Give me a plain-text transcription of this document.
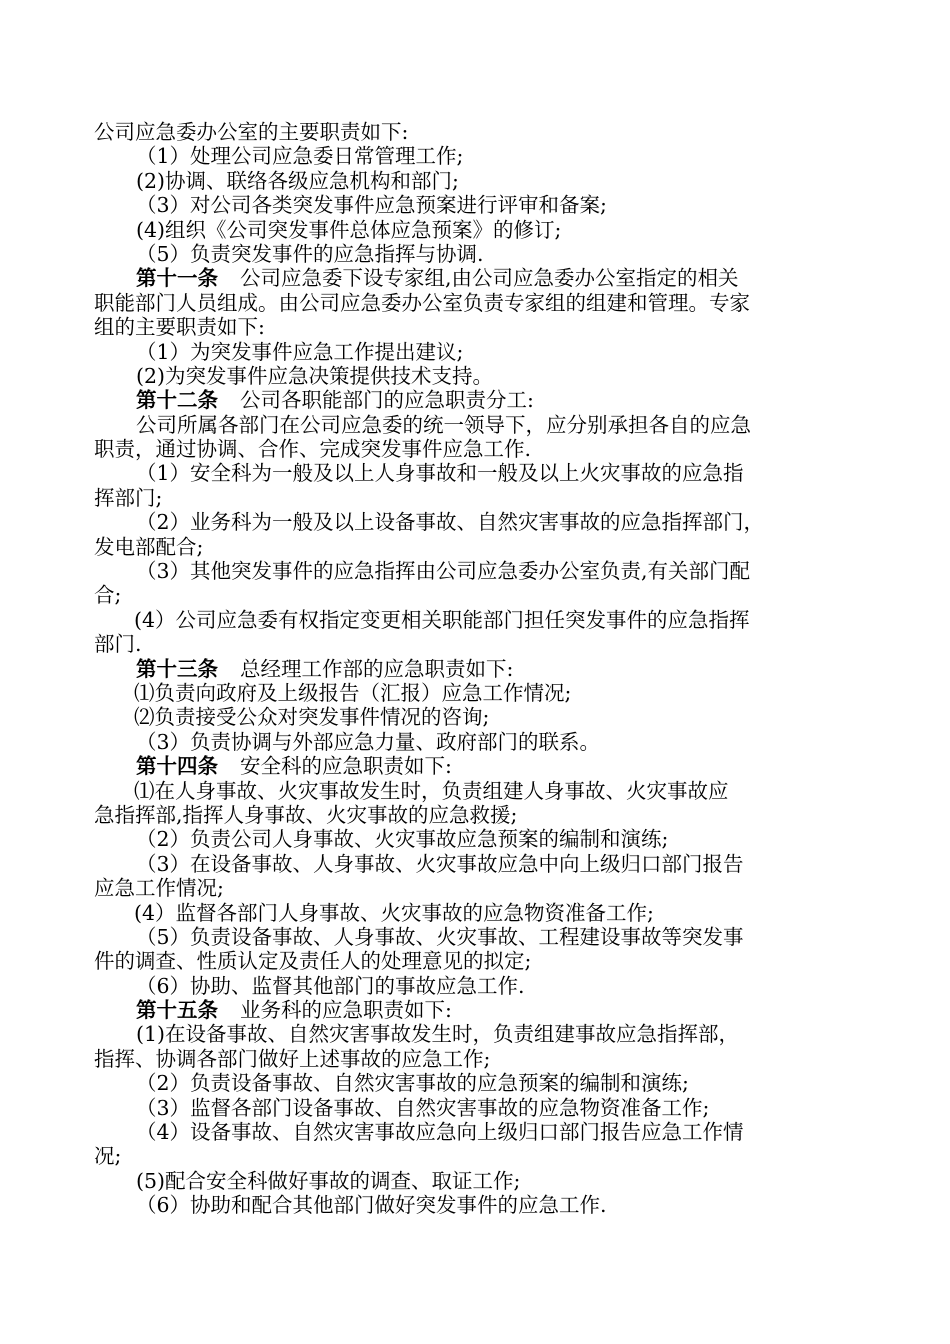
公司应急委办公室的主要职责如下:
（1）处理公司应急委日常管理工作;
(2)协调、联络各级应急机构和部门;
（3）对公司各类突发事件应急预案进行评审和备案;
(4)组织《公司突发事件总体应急预案》的修订;
（5）负责突发事件的应急指挥与协调.
第十一条 公司应急委下设专家组,由公司应急委办公室指定的相关
职能部门人员组成。由公司应急委办公室负责专家组的组建和管理。专家
组的主要职责如下:
（1）为突发事件应急工作提出建议;
(2)为突发事件应急决策提供技术支持。
第十二条 公司各职能部门的应急职责分工:
公司所属各部门在公司应急委的统一领导下，应分别承担各自的应急
职责，通过协调、合作、完成突发事件应急工作.
（1）安全科为一般及以上人身事故和一般及以上火灾事故的应急指
挥部门;
（2）业务科为一般及以上设备事故、自然灾害事故的应急指挥部门，
发电部配合;
（3）其他突发事件的应急指挥由公司应急委办公室负责,有关部门配
合;
(4）公司应急委有权指定变更相关职能部门担任突发事件的应急指挥
部门.
第十三条 总经理工作部的应急职责如下:
⑴负责向政府及上级报告（汇报）应急工作情况;
⑵负责接受公众对突发事件情况的咨询;
（3）负责协调与外部应急力量、政府部门的联系。
第十四条 安全科的应急职责如下:
⑴在人身事故、火灾事故发生时，负责组建人身事故、火灾事故应
急指挥部,指挥人身事故、火灾事故的应急救援;
（2）负责公司人身事故、火灾事故应急预案的编制和演练;
（3）在设备事故、人身事故、火灾事故应急中向上级归口部门报告
应急工作情况;
(4）监督各部门人身事故、火灾事故的应急物资准备工作;
（5）负责设备事故、人身事故、火灾事故、工程建设事故等突发事
件的调查、性质认定及责任人的处理意见的拟定;
（6）协助、监督其他部门的事故应急工作.
第十五条 业务科的应急职责如下:
(1)在设备事故、自然灾害事故发生时，负责组建事故应急指挥部，
指挥、协调各部门做好上述事故的应急工作;
（2）负责设备事故、自然灾害事故的应急预案的编制和演练;
（3）监督各部门设备事故、自然灾害事故的应急物资准备工作;
（4）设备事故、自然灾害事故应急向上级归口部门报告应急工作情
况;
(5)配合安全科做好事故的调查、取证工作;
（6）协助和配合其他部门做好突发事件的应急工作.
